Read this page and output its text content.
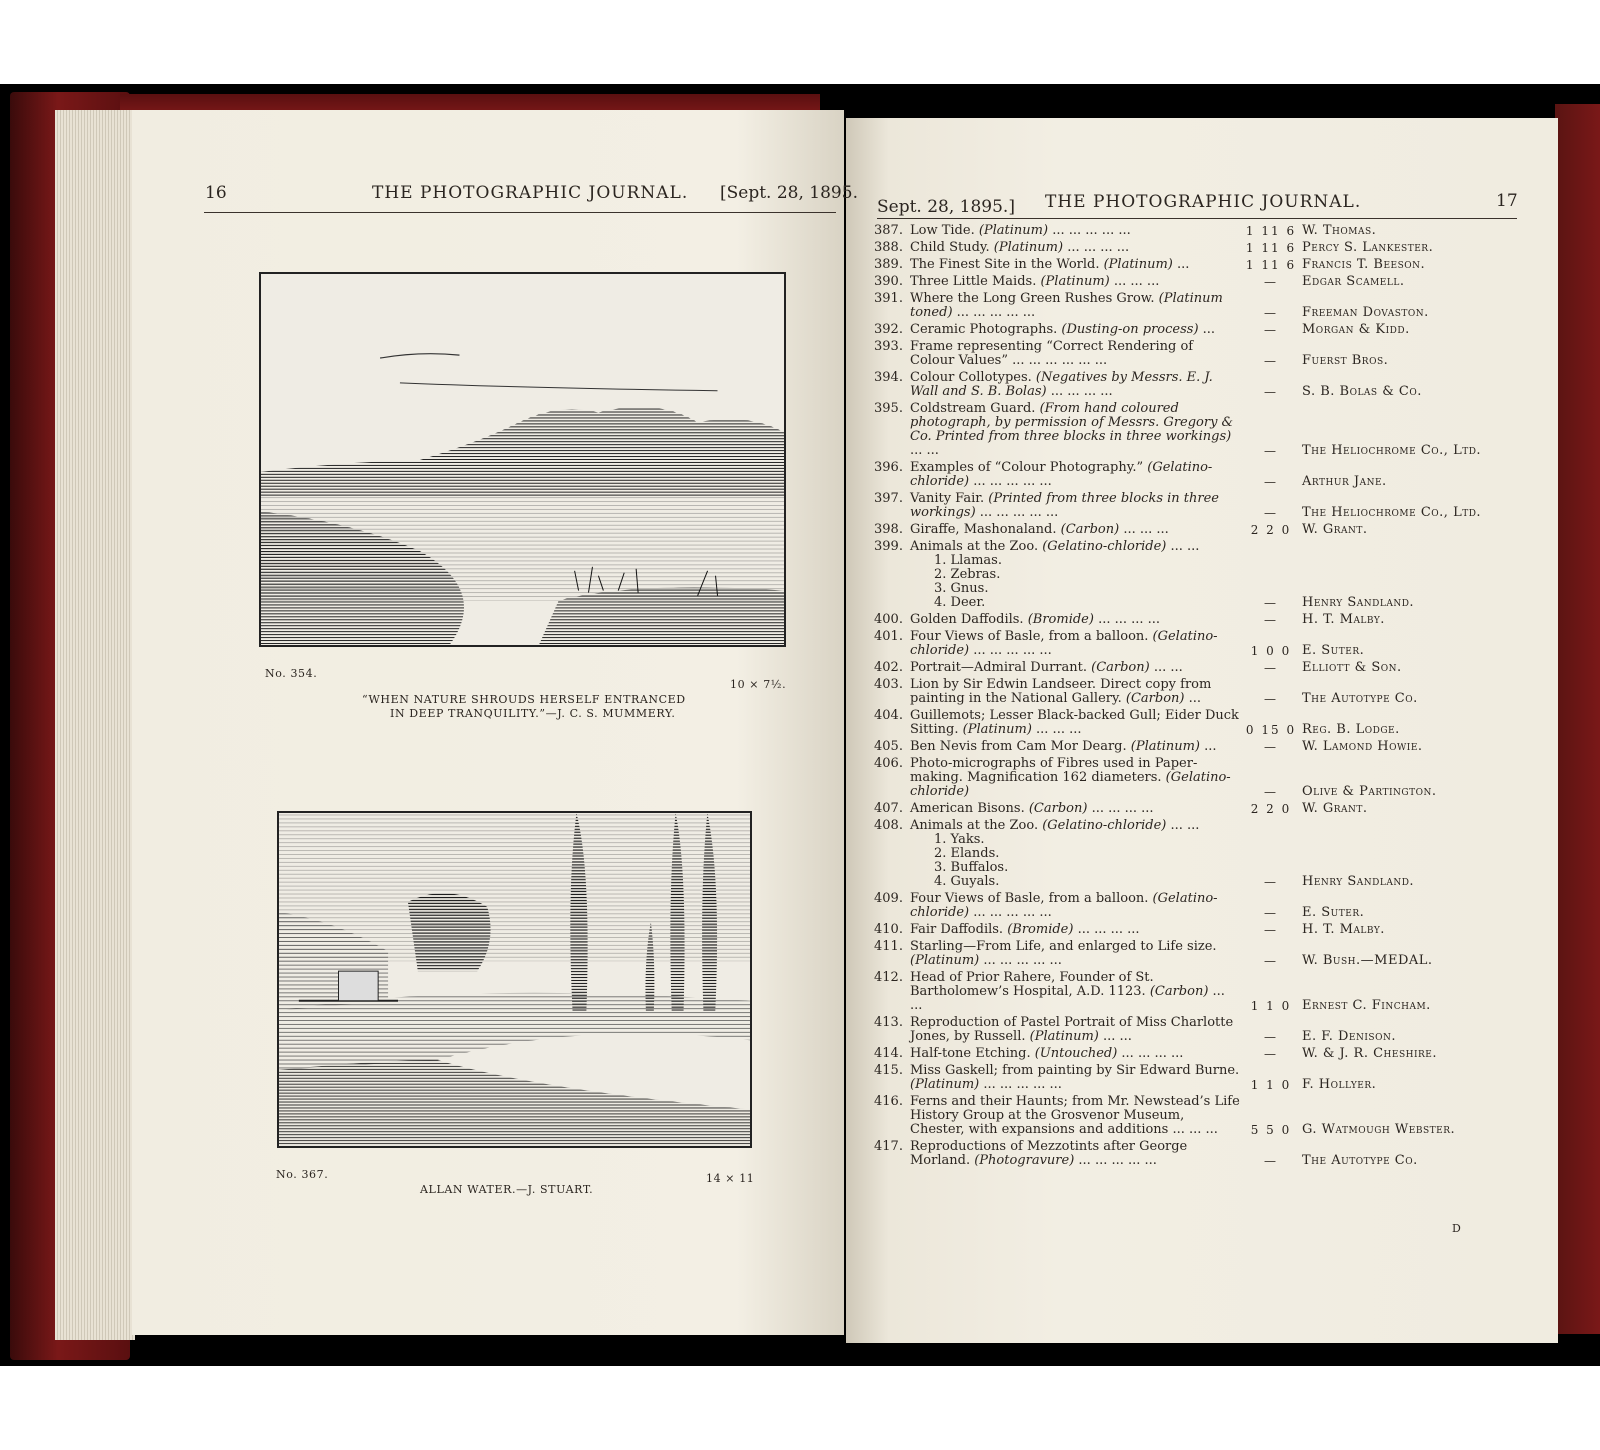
16	THE PHOTOGRAPHIC JOURNAL. [Sept. 28, 1895.
Sept. 28, 1895.] THE PHOTOGRAPHIC JOURNAL.	17
No. 354.
10 × 7½.
“WHEN NATURE SHROUDS HERSELF ENTRANCED
IN DEEP TRANQUILITY.”—J. C. S. MUMMERY.
No. 367.
ALLAN WATER.—J. STUART.
14 × 11
387. Low Tide. (Platinum) ... ... ... ... ...	1 11 6 W. Thomas.
388. Child Study. (Platinum) ... ... ... ...	1 11 6 Percy S. Lankester.
389. The Finest Site in the World. (Platinum) ...	1 11 6 Francis T. Beeson.
390. Three Little Maids. (Platinum) ... ... ...	—	Edgar Scamell.
391. Where the Long Green Rushes Grow. (Platinum toned) ... ... ... ... ...	—	Freeman Dovaston.
392. Ceramic Photographs. (Dusting-on process) ...	—	Morgan & Kidd.
393. Frame representing “Correct Rendering of Colour Values” ... ... ... ... ... ...	—	Fuerst Bros.
394. Colour Collotypes. (Negatives by Messrs. E. J. Wall and S. B. Bolas) ... ... ... ...	—	S. B. Bolas & Co.
395. Coldstream Guard. (From hand coloured photograph, by permission of Messrs. Gregory & Co. Printed from three blocks in three workings) ... ...	—	The Heliochrome Co., Ltd.
396. Examples of “Colour Photography.” (Gelatino-chloride) ... ... ... ... ...	—	Arthur Jane.
397. Vanity Fair. (Printed from three blocks in three workings) ... ... ... ... ...	—	The Heliochrome Co., Ltd.
398. Giraffe, Mashonaland. (Carbon) ... ... ...	2 2 0 W. Grant.
399. Animals at the Zoo. (Gelatino-chloride) ... ...
1. Llamas.
2. Zebras.
3. Gnus.
4. Deer.	—	Henry Sandland.
400. Golden Daffodils. (Bromide) ... ... ... ...	—	H. T. Malby.
401. Four Views of Basle, from a balloon. (Gelatino-chloride) ... ... ... ... ...	1 0 0 E. Suter.
402. Portrait—Admiral Durrant. (Carbon) ... ...	—	Elliott & Son.
403. Lion by Sir Edwin Landseer. Direct copy from painting in the National Gallery. (Carbon) ...	—	The Autotype Co.
404. Guillemots; Lesser Black-backed Gull; Eider Duck Sitting. (Platinum) ... ... ...	0 15 0 Reg. B. Lodge.
405. Ben Nevis from Cam Mor Dearg. (Platinum) ...	—	W. Lamond Howie.
406. Photo-micrographs of Fibres used in Paper-making. Magnification 162 diameters. (Gelatino-chloride)	—	Olive & Partington.
407. American Bisons. (Carbon) ... ... ... ...	2 2 0 W. Grant.
408. Animals at the Zoo. (Gelatino-chloride) ... ...
1. Yaks.
2. Elands.
3. Buffalos.
4. Guyals.	—	Henry Sandland.
409. Four Views of Basle, from a balloon. (Gelatino-chloride) ... ... ... ... ...	—	E. Suter.
410. Fair Daffodils. (Bromide) ... ... ... ...	—	H. T. Malby.
411. Starling—From Life, and enlarged to Life size. (Platinum) ... ... ... ... ...	—	W. Bush.—MEDAL.
412. Head of Prior Rahere, Founder of St. Bartholomew’s Hospital, A.D. 1123. (Carbon) ... ...	1 1 0 Ernest C. Fincham.
413. Reproduction of Pastel Portrait of Miss Charlotte Jones, by Russell. (Platinum) ... ...	—	E. F. Denison.
414. Half-tone Etching. (Untouched) ... ... ... ...	—	W. & J. R. Cheshire.
415. Miss Gaskell; from painting by Sir Edward Burne. (Platinum) ... ... ... ... ...	1 1 0 F. Hollyer.
416. Ferns and their Haunts; from Mr. Newstead’s Life History Group at the Grosvenor Museum, Chester, with expansions and additions ... ... ...	5 5 0 G. Watmough Webster.
417. Reproductions of Mezzotints after George Morland. (Photogravure) ... ... ... ... ...	—	The Autotype Co.
D
